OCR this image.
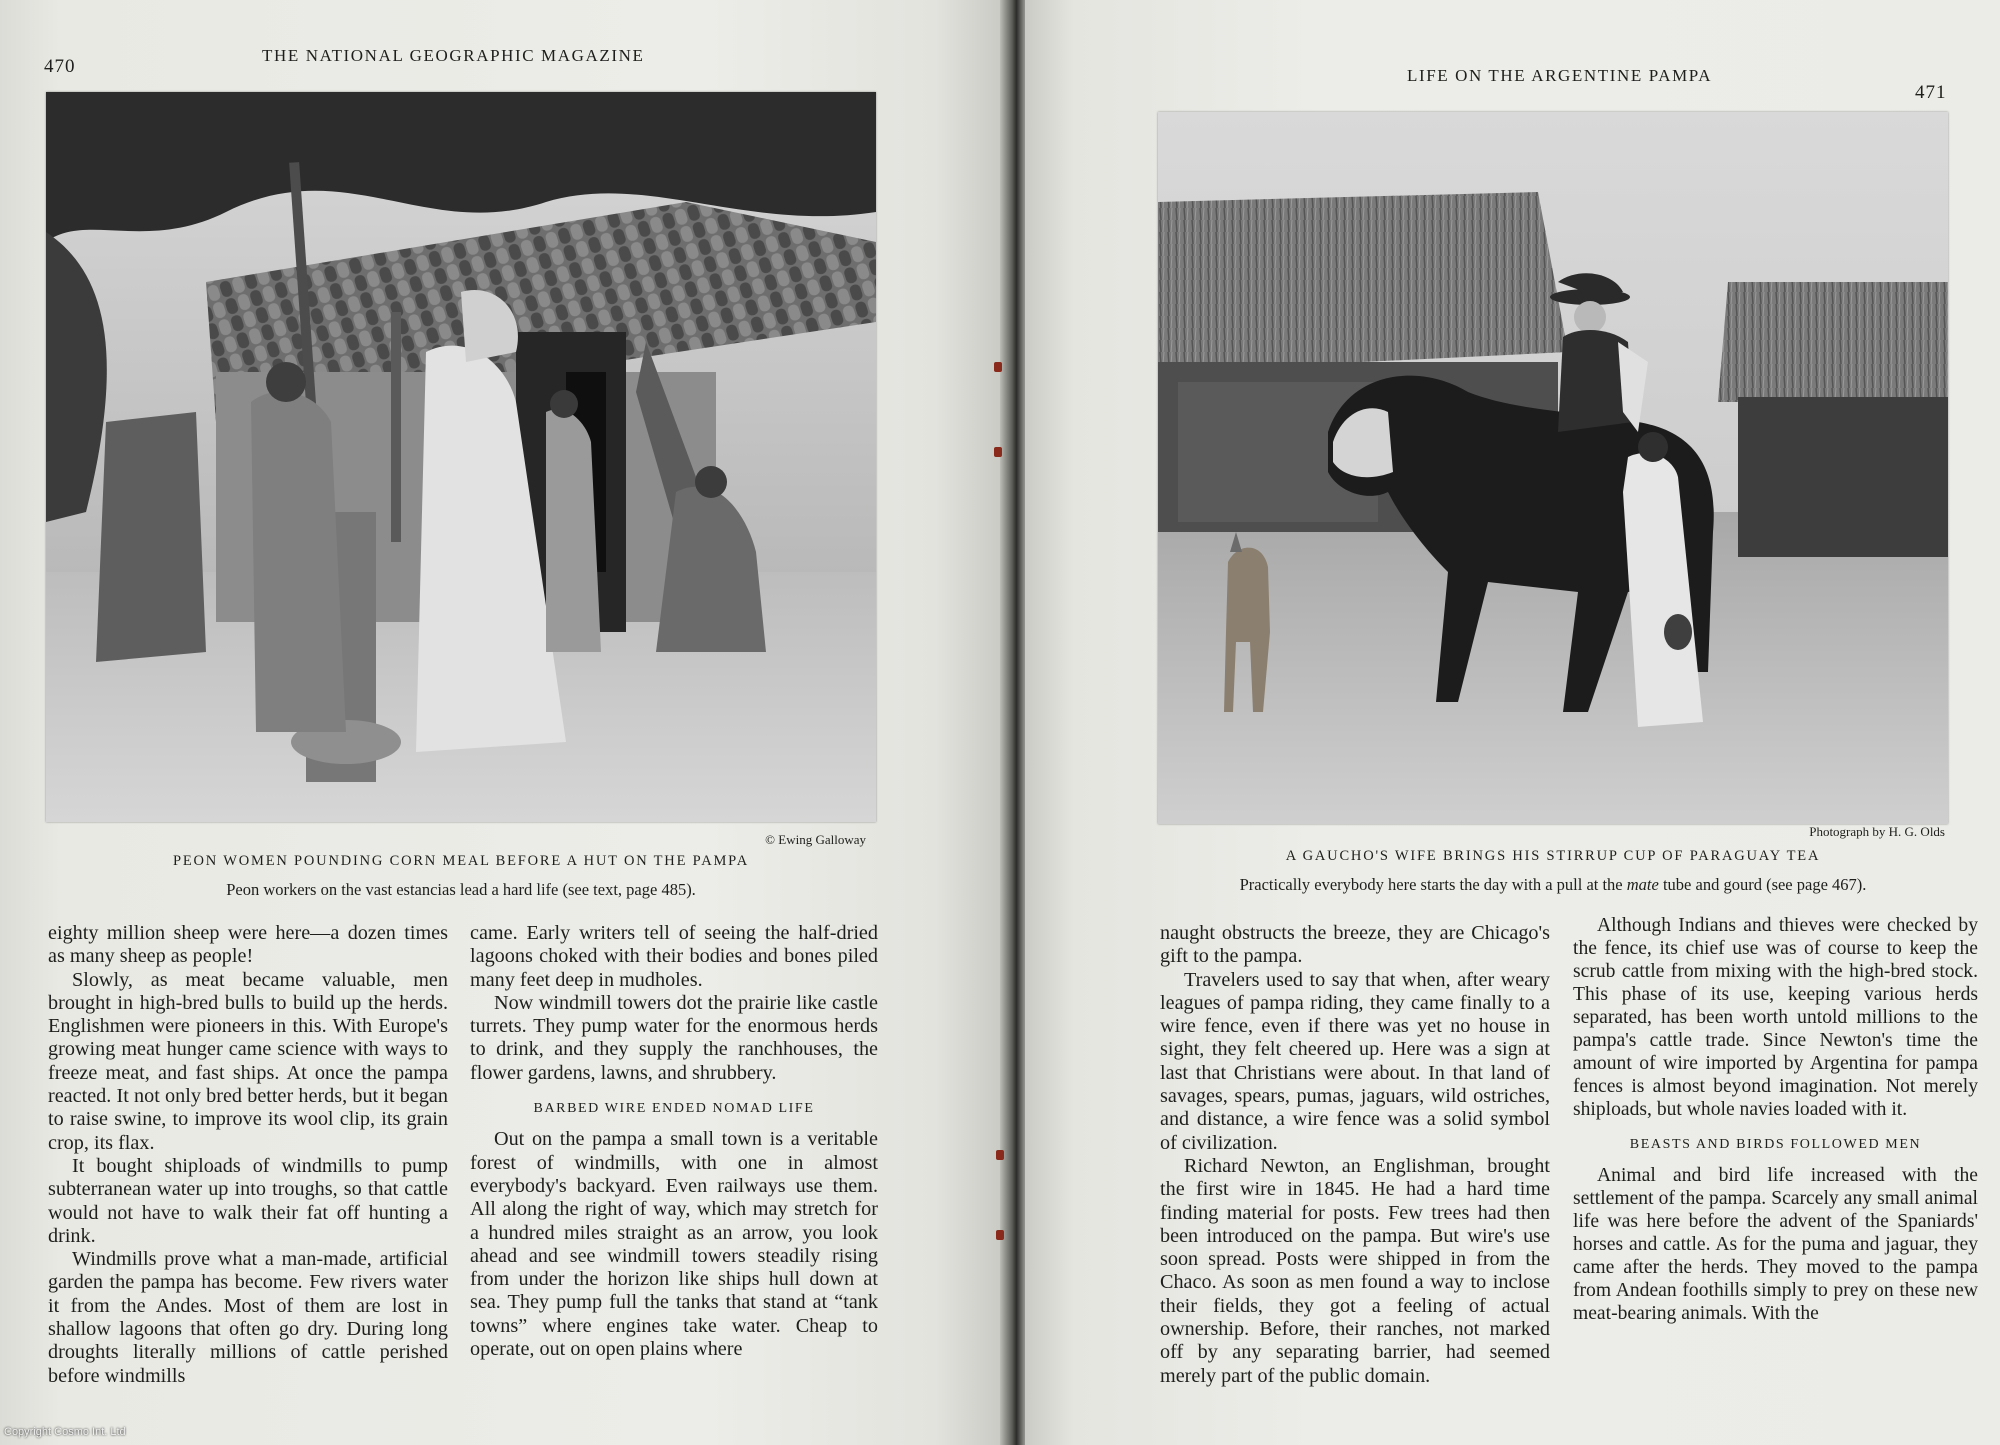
470
THE NATIONAL GEOGRAPHIC MAGAZINE
© Ewing Galloway
PEON WOMEN POUNDING CORN MEAL BEFORE A HUT ON THE PAMPA
Peon workers on the vast estancias lead a hard life (see text, page 485).

eighty million sheep were here—a dozen times as many sheep as people!

Slowly, as meat became valuable, men brought in high-bred bulls to build up the herds. Englishmen were pioneers in this. With Europe's growing meat hunger came science with ways to freeze meat, and fast ships. At once the pampa reacted. It not only bred better herds, but it began to raise swine, to improve its wool clip, its grain crop, its flax.

It bought shiploads of windmills to pump subterranean water up into troughs, so that cattle would not have to walk their fat off hunting a drink.

Windmills prove what a man-made, artificial garden the pampa has become. Few rivers water it from the Andes. Most of them are lost in shallow lagoons that often go dry. During long droughts literally millions of cattle perished before windmills

came. Early writers tell of seeing the half-dried lagoons choked with their bodies and bones piled many feet deep in mudholes.

Now windmill towers dot the prairie like castle turrets. They pump water for the enormous herds to drink, and they supply the ranchhouses, the flower gardens, lawns, and shrubbery.

BARBED WIRE ENDED NOMAD LIFE

Out on the pampa a small town is a veritable forest of windmills, with one in almost everybody's backyard. Even railways use them. All along the right of way, which may stretch for a hundred miles straight as an arrow, you look ahead and see windmill towers steadily rising from under the horizon like ships hull down at sea. They pump full the tanks that stand at “tank towns” where engines take water. Cheap to operate, out on open plains where

Copyright Cosmo Int. Ltd
LIFE ON THE ARGENTINE PAMPA
471
Photograph by H. G. Olds
A GAUCHO'S WIFE BRINGS HIS STIRRUP CUP OF PARAGUAY TEA
Practically everybody here starts the day with a pull at the mate tube and gourd (see page 467).

naught obstructs the breeze, they are Chicago's gift to the pampa.

Travelers used to say that when, after weary leagues of pampa riding, they came finally to a wire fence, even if there was yet no house in sight, they felt cheered up. Here was a sign at last that Christians were about. In that land of savages, spears, pumas, jaguars, wild ostriches, and distance, a wire fence was a solid symbol of civilization.

Richard Newton, an Englishman, brought the first wire in 1845. He had a hard time finding material for posts. Few trees had then been introduced on the pampa. But wire's use soon spread. Posts were shipped in from the Chaco. As soon as men found a way to inclose their fields, they got a feeling of actual ownership. Before, their ranches, not marked off by any separating barrier, had seemed merely part of the public domain.

Although Indians and thieves were checked by the fence, its chief use was of course to keep the scrub cattle from mixing with the high-bred stock. This phase of its use, keeping various herds separated, has been worth untold millions to the pampa's cattle trade. Since Newton's time the amount of wire imported by Argentina for pampa fences is almost beyond imagination. Not merely shiploads, but whole navies loaded with it.

BEASTS AND BIRDS FOLLOWED MEN

Animal and bird life increased with the settlement of the pampa. Scarcely any small animal life was here before the advent of the Spaniards' horses and cattle. As for the puma and jaguar, they came after the herds. They moved to the pampa from Andean foothills simply to prey on these new meat-bearing animals. With the
